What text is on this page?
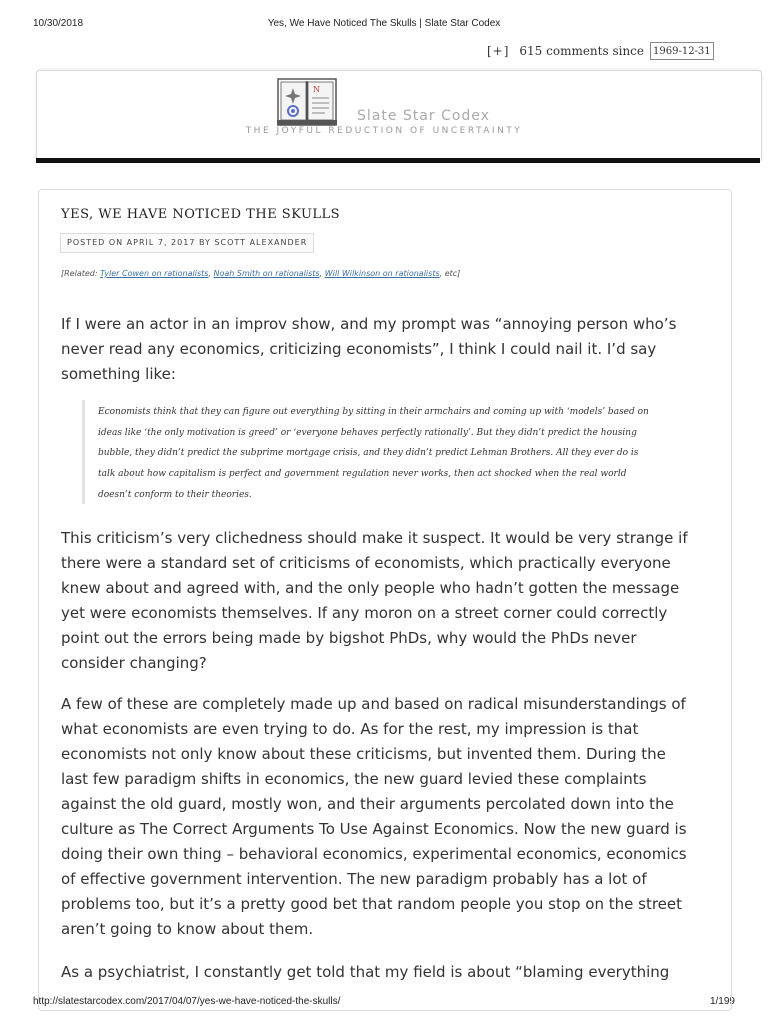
10/30/2018	Yes, We Have Noticed The Skulls | Slate Star Codex
http://slatestarcodex.com/2017/04/07/yes-we-have-noticed-the-skulls/	1/199
[+] 615 comments since
1969-12-31 20:
N
Slate Star Codex
THE JOYFUL REDUCTION OF UNCERTAINTY
YES, WE HAVE NOTICED THE SKULLS
POSTED ON APRIL 7, 2017 BY SCOTT ALEXANDER
[Related: Tyler Cowen on rationalists, Noah Smith on rationalists, Will Wilkinson on rationalists, etc]

If I were an actor in an improv show, and my prompt was “annoying person who’s
never read any economics, criticizing economists”, I think I could nail it. I’d say
something like:

Economists think that they can figure out everything by sitting in their armchairs and coming up with ‘models’ based on
ideas like ‘the only motivation is greed’ or ‘everyone behaves perfectly rationally’. But they didn’t predict the housing
bubble, they didn’t predict the subprime mortgage crisis, and they didn’t predict Lehman Brothers. All they ever do is
talk about how capitalism is perfect and government regulation never works, then act shocked when the real world
doesn’t conform to their theories.

This criticism’s very clichedness should make it suspect. It would be very strange if
there were a standard set of criticisms of economists, which practically everyone
knew about and agreed with, and the only people who hadn’t gotten the message
yet were economists themselves. If any moron on a street corner could correctly
point out the errors being made by bigshot PhDs, why would the PhDs never
consider changing?

A few of these are completely made up and based on radical misunderstandings of
what economists are even trying to do. As for the rest, my impression is that
economists not only know about these criticisms, but invented them. During the
last few paradigm shifts in economics, the new guard levied these complaints
against the old guard, mostly won, and their arguments percolated down into the
culture as The Correct Arguments To Use Against Economics. Now the new guard is
doing their own thing – behavioral economics, experimental economics, economics
of effective government intervention. The new paradigm probably has a lot of
problems too, but it’s a pretty good bet that random people you stop on the street
aren’t going to know about them.

As a psychiatrist, I constantly get told that my field is about “blaming everything
